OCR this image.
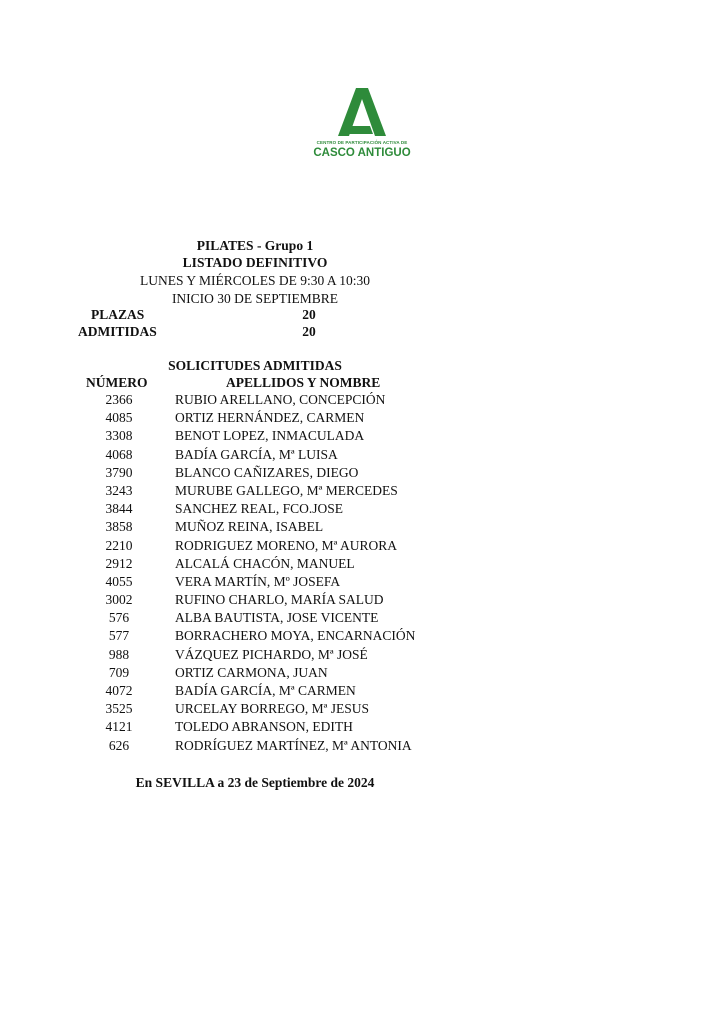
CENTRO DE PARTICIPACIÓN ACTIVA DE
CASCO ANTIGUO
PILATES - Grupo 1
LISTADO DEFINITIVO
LUNES Y MIÉRCOLES DE 9:30 A 10:30
INICIO 30 DE SEPTIEMBRE
PLAZAS	20
ADMITIDAS	20
SOLICITUDES ADMITIDAS
NÚMERO	APELLIDOS Y NOMBRE
2366	RUBIO ARELLANO, CONCEPCIÓN
4085	ORTIZ HERNÁNDEZ, CARMEN
3308	BENOT LOPEZ, INMACULADA
4068	BADÍA GARCÍA, Mª LUISA
3790	BLANCO CAÑIZARES, DIEGO
3243	MURUBE GALLEGO, Mª MERCEDES
3844	SANCHEZ REAL, FCO.JOSE
3858	MUÑOZ REINA, ISABEL
2210	RODRIGUEZ MORENO, Mª AURORA
2912	ALCALÁ CHACÓN, MANUEL
4055	VERA MARTÍN, Mº JOSEFA
3002	RUFINO CHARLO, MARÍA SALUD
576	ALBA BAUTISTA, JOSE VICENTE
577	BORRACHERO MOYA, ENCARNACIÓN
988	VÁZQUEZ PICHARDO, Mª JOSÉ
709	ORTIZ CARMONA, JUAN
4072	BADÍA GARCÍA, Mª CARMEN
3525	URCELAY BORREGO, Mª JESUS
4121	TOLEDO ABRANSON, EDITH
626	RODRÍGUEZ MARTÍNEZ, Mª ANTONIA
En SEVILLA a 23 de Septiembre de 2024
